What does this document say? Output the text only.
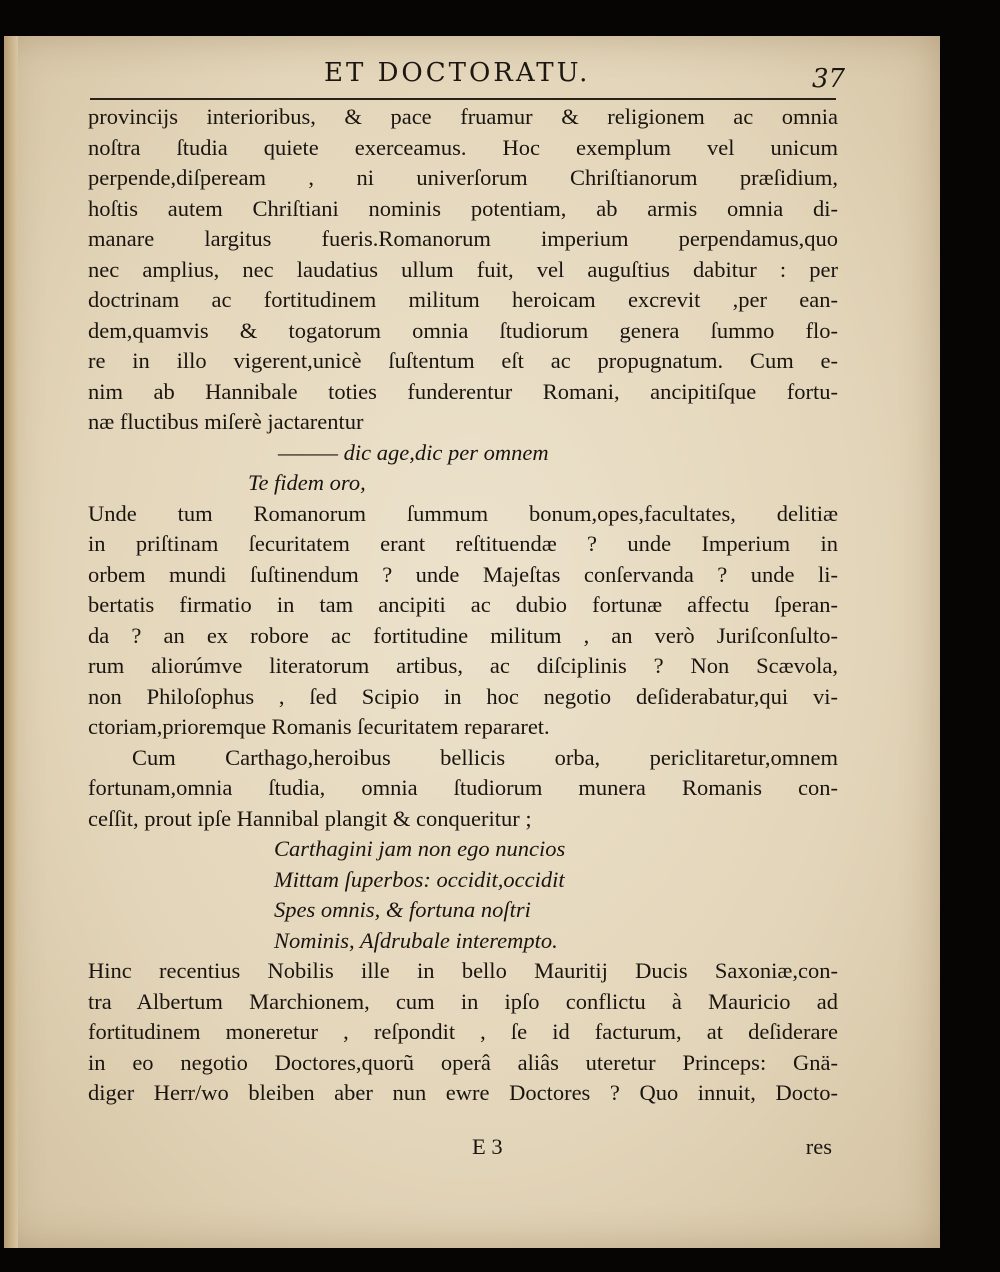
ET DOCTORATU.	37
provincijs interioribus, & pace fruamur & religionem ac omnia
noſtra ſtudia quiete exerceamus. Hoc exemplum vel unicum
perpende,diſpeream , ni univerſorum Chriſtianorum præſidium,
hoſtis autem Chriſtiani nominis potentiam, ab armis omnia di-
manare largitus fueris.Romanorum imperium perpendamus,quo
nec amplius, nec laudatius ullum fuit, vel auguſtius dabitur : per
doctrinam ac fortitudinem militum heroicam excrevit ,per ean-
dem,quamvis & togatorum omnia ſtudiorum genera ſummo flo-
re in illo vigerent,unicè ſuſtentum eſt ac propugnatum. Cum e-
nim ab Hannibale toties funderentur Romani, ancipitiſque fortu-
næ fluctibus miſerè jactarentur
——— dic age,dic per omnem
Te fidem oro,
Unde tum Romanorum ſummum bonum,opes,facultates, delitiæ
in priſtinam ſecuritatem erant reſtituendæ ? unde Imperium in
orbem mundi ſuſtinendum ? unde Majeſtas conſervanda ? unde li-
bertatis firmatio in tam ancipiti ac dubio fortunæ affectu ſperan-
da ? an ex robore ac fortitudine militum , an verò Juriſconſulto-
rum aliorúmve literatorum artibus, ac diſciplinis ? Non Scævola,
non Philoſophus , ſed Scipio in hoc negotio deſiderabatur,qui vi-
ctoriam,prioremque Romanis ſecuritatem repararet.
Cum Carthago,heroibus bellicis orba, periclitaretur,omnem
fortunam,omnia ſtudia, omnia ſtudiorum munera Romanis con-
ceſſit, prout ipſe Hannibal plangit & conqueritur ;
Carthagini jam non ego nuncios
Mittam ſuperbos: occidit,occidit
Spes omnis, & fortuna noſtri
Nominis, Aſdrubale interempto.
Hinc recentius Nobilis ille in bello Mauritij Ducis Saxoniæ,con-
tra Albertum Marchionem, cum in ipſo conflictu à Mauricio ad
fortitudinem moneretur , reſpondit , ſe id facturum, at deſiderare
in eo negotio Doctores,quorũ operâ aliâs uteretur Princeps: Gnä-
diger Herr/wo bleiben aber nun ewre Doctores ? Quo innuit, Docto-
E 3	res
